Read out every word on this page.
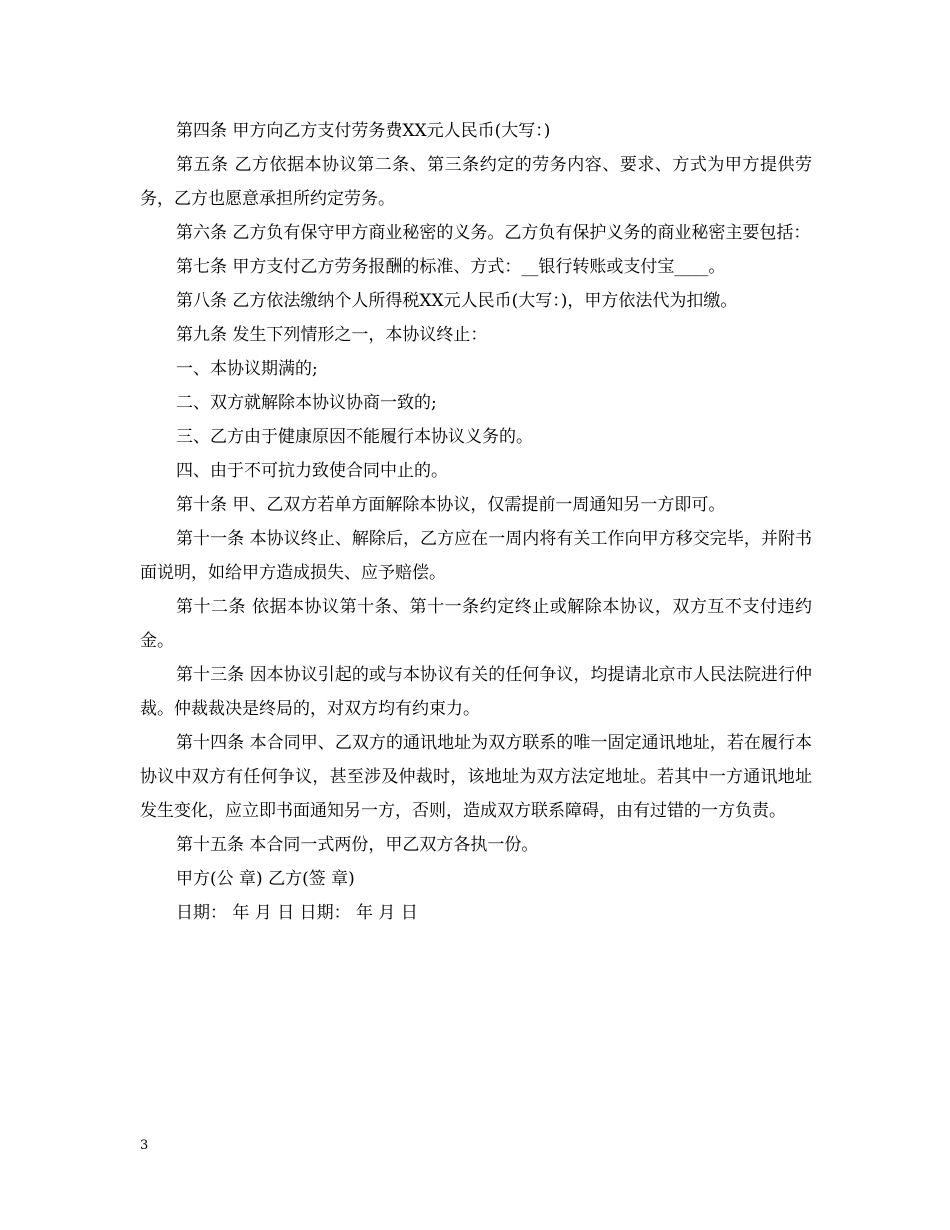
第四条 甲方向乙方支付劳务费XX元人民币(大写：)

第五条 乙方依据本协议第二条、第三条约定的劳务内容、要求、方式为甲方提供劳务，乙方也愿意承担所约定劳务。

第六条 乙方负有保守甲方商业秘密的义务。乙方负有保护义务的商业秘密主要包括：

第七条 甲方支付乙方劳务报酬的标准、方式：__银行转账或支付宝____。

第八条 乙方依法缴纳个人所得税XX元人民币(大写：)，甲方依法代为扣缴。

第九条 发生下列情形之一，本协议终止：

一、本协议期满的;

二、双方就解除本协议协商一致的;

三、乙方由于健康原因不能履行本协议义务的。

四、由于不可抗力致使合同中止的。

第十条 甲、乙双方若单方面解除本协议，仅需提前一周通知另一方即可。

第十一条 本协议终止、解除后，乙方应在一周内将有关工作向甲方移交完毕，并附书面说明，如给甲方造成损失、应予赔偿。

第十二条 依据本协议第十条、第十一条约定终止或解除本协议，双方互不支付违约金。

第十三条 因本协议引起的或与本协议有关的任何争议，均提请北京市人民法院进行仲裁。仲裁裁决是终局的，对双方均有约束力。

第十四条 本合同甲、乙双方的通讯地址为双方联系的唯一固定通讯地址，若在履行本协议中双方有任何争议，甚至涉及仲裁时，该地址为双方法定地址。若其中一方通讯地址发生变化，应立即书面通知另一方，否则，造成双方联系障碍，由有过错的一方负责。

第十五条 本合同一式两份，甲乙双方各执一份。

甲方(公 章) 乙方(签 章)

日期： 年 月 日 日期： 年 月 日

3
